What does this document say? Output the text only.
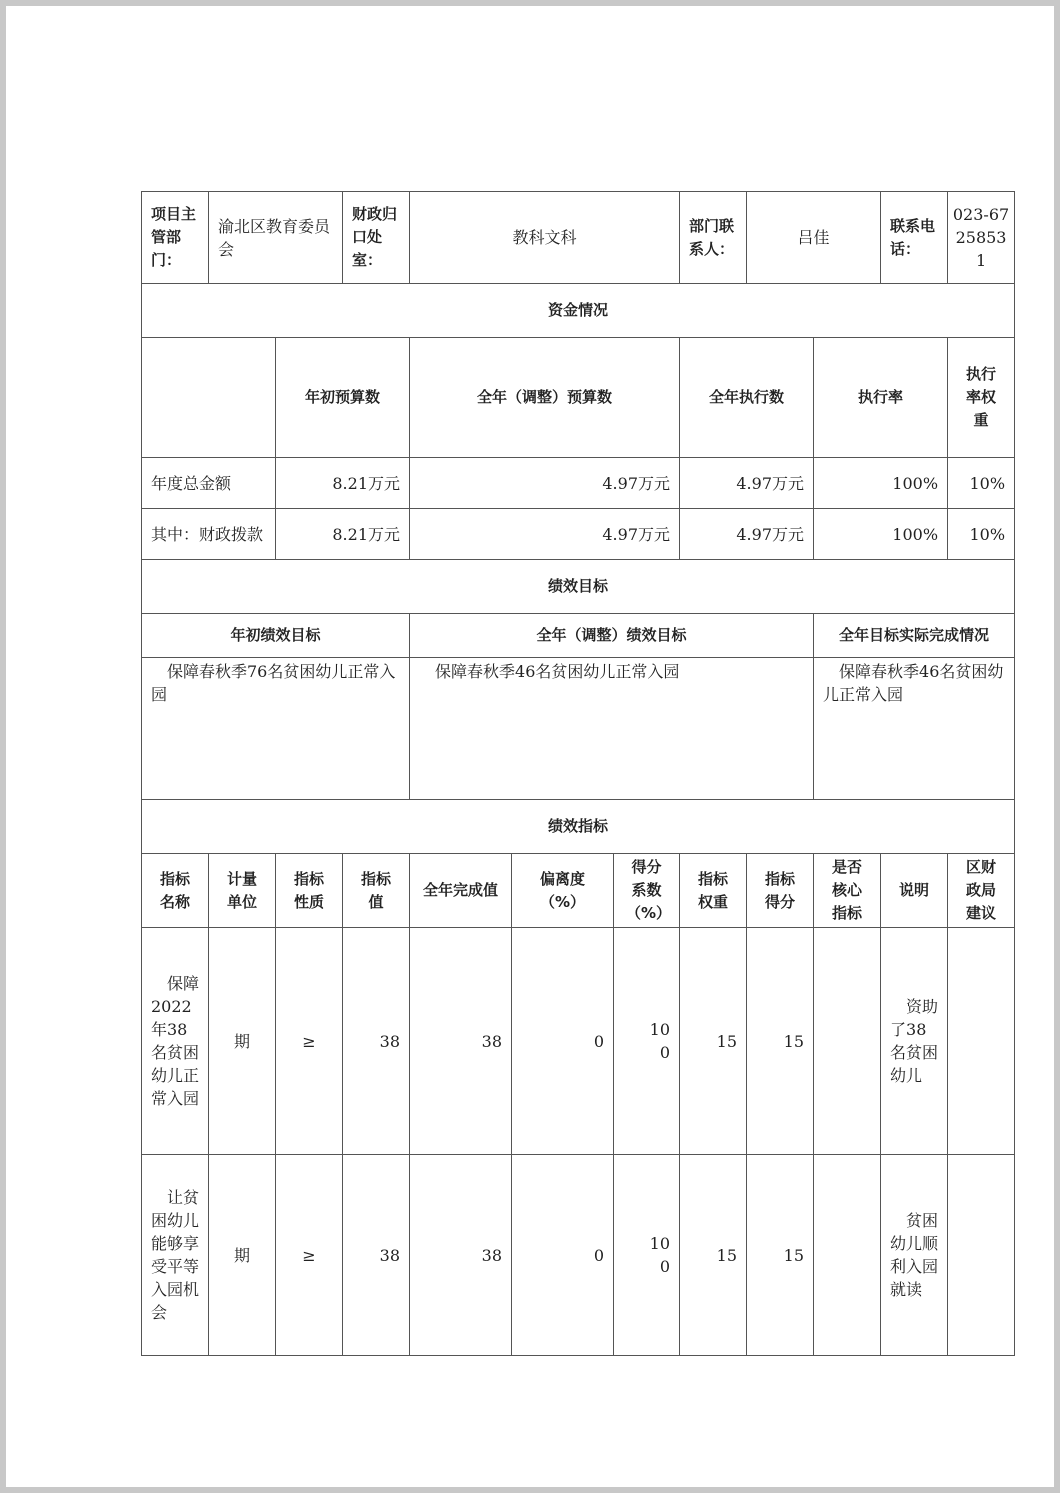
项目主管部门：	渝北区教育委员会		财政归口处室：	教科文科			部门联系人：	吕佳		联系电话：	023-67258531	
资金情况												
		年初预算数		全年（调整）预算数			全年执行数		执行率		执行率权重	
年度总金额		8.21万元		4.97万元			4.97万元		100%		10%	
其中：财政拨款		8.21万元		4.97万元			4.97万元		100%		10%	
绩效目标												
年初绩效目标				全年（调整）绩效目标					全年目标实际完成情况			
保障春秋季76名贫困幼儿正常入园				保障春秋季46名贫困幼儿正常入园					保障春秋季46名贫困幼儿正常入园			
绩效指标												
指标名称	计量单位	指标性质	指标值	全年完成值	偏离度（%）	得分系数（%）	指标权重	指标得分	是否核心指标	说明	区财政局建议	
保障2022年38名贫困幼儿正常入园	期	≥	38	38	0	100	15	15		资助了38名贫困幼儿		
让贫困幼儿能够享受平等入园机会	期	≥	38	38	0	100	15	15		贫困幼儿顺利入园就读		
